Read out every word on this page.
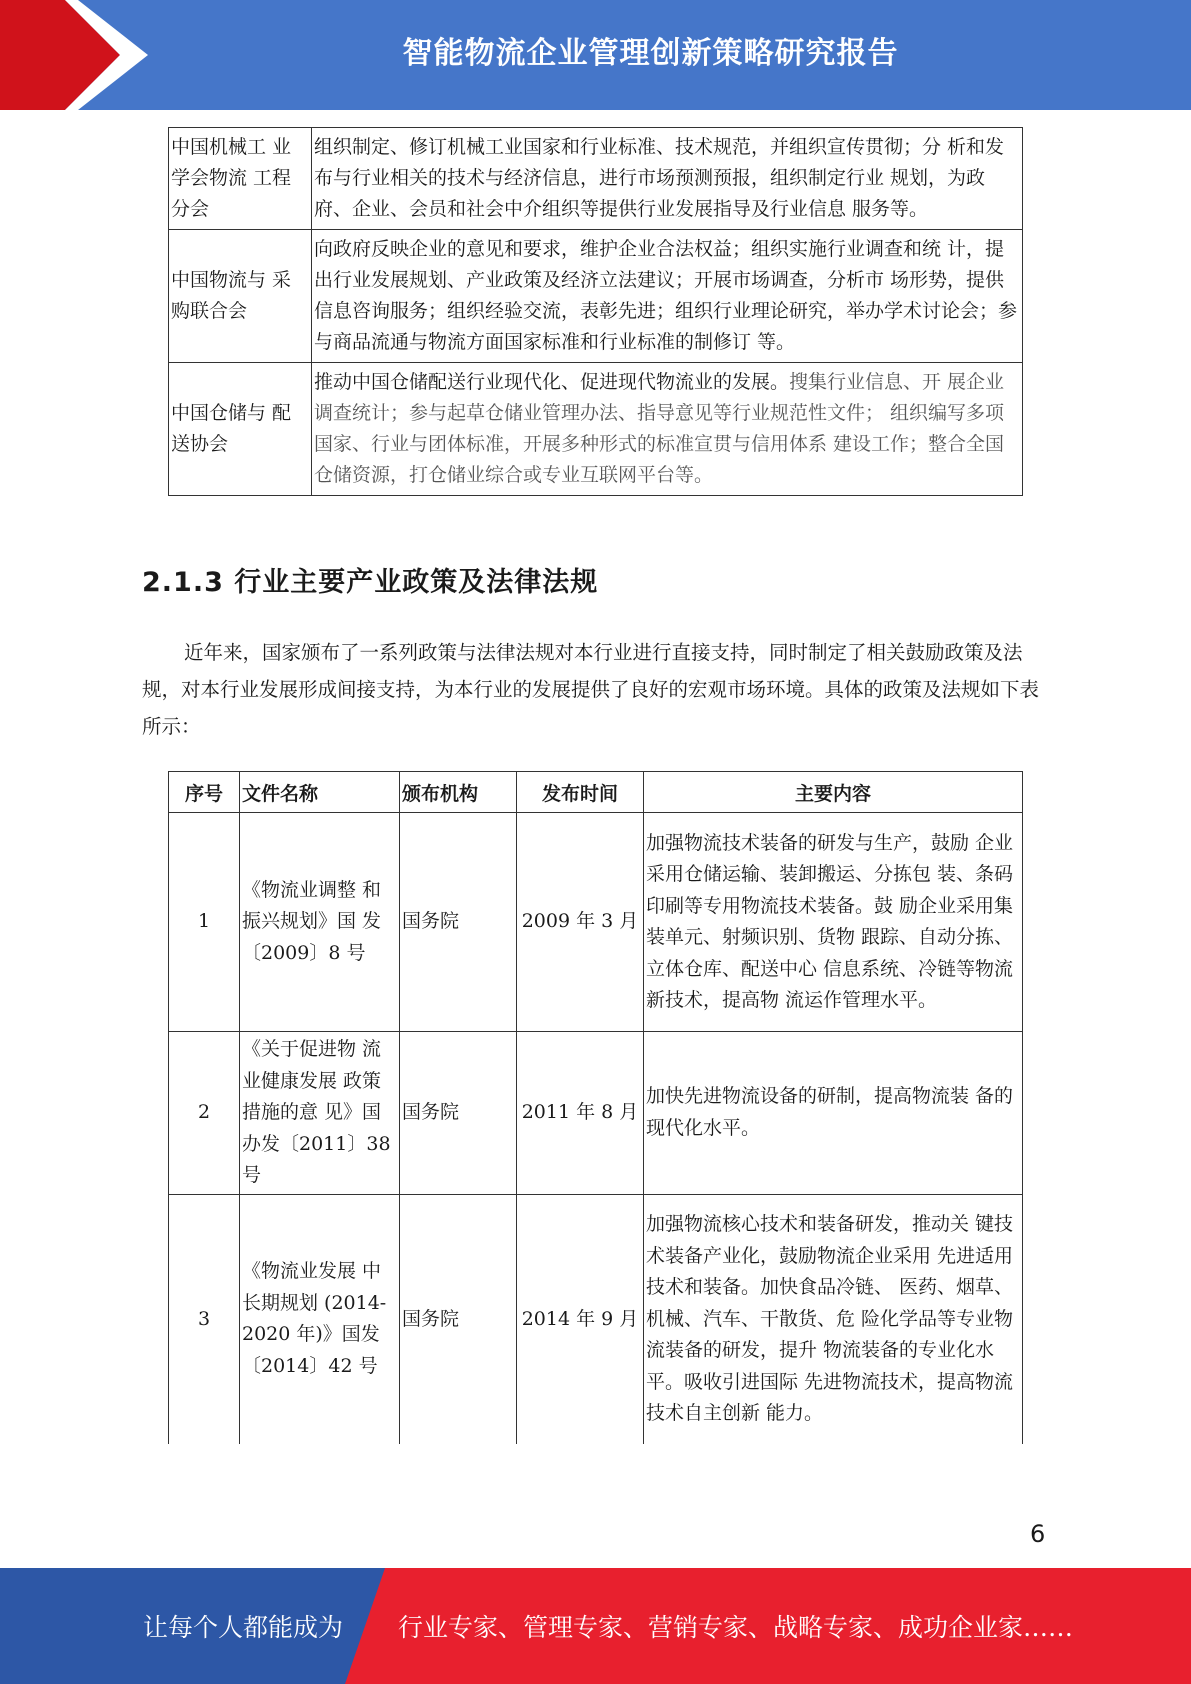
智能物流企业管理创新策略研究报告
中国机械工 业学会物流 工程分会	组织制定、修订机械工业国家和行业标准、技术规范，并组织宣传贯彻；分 析和发布与行业相关的技术与经济信息，进行市场预测预报，组织制定行业 规划，为政府、企业、会员和社会中介组织等提供行业发展指导及行业信息 服务等。
中国物流与 采购联合会	向政府反映企业的意见和要求，维护企业合法权益；组织实施行业调查和统 计，提出行业发展规划、产业政策及经济立法建议；开展市场调查，分析市 场形势，提供信息咨询服务；组织经验交流，表彰先进；组织行业理论研究，举办学术讨论会；参与商品流通与物流方面国家标准和行业标准的制修订 等。
中国仓储与 配送协会	推动中国仓储配送行业现代化、促进现代物流业的发展。搜集行业信息、开 展企业调查统计；参与起草仓储业管理办法、指导意见等行业规范性文件； 组织编写多项国家、行业与团体标准，开展多种形式的标准宣贯与信用体系 建设工作；整合全国仓储资源，打仓储业综合或专业互联网平台等。
2.1.3 行业主要产业政策及法律法规
近年来，国家颁布了一系列政策与法律法规对本行业进行直接支持，同时制定了相关鼓励政策及法规，对本行业发展形成间接支持，为本行业的发展提供了良好的宏观市场环境。具体的政策及法规如下表所示：
序号	文件名称	颁布机构	发布时间	主要内容
1	《物流业调整 和振兴规划》国 发〔2009〕8 号	国务院	2009 年 3 月	加强物流技术装备的研发与生产，鼓励 企业采用仓储运输、装卸搬运、分拣包 装、条码印刷等专用物流技术装备。鼓 励企业采用集装单元、射频识别、货物 跟踪、自动分拣、立体仓库、配送中心 信息系统、冷链等物流新技术，提高物 流运作管理水平。
2	《关于促进物 流业健康发展 政策措施的意 见》国办发〔2011〕38 号	国务院	2011 年 8 月	加快先进物流设备的研制，提高物流装 备的现代化水平。
3	《物流业发展 中长期规划 (2014-2020 年)》国发〔2014〕42 号	国务院	2014 年 9 月	加强物流核心技术和装备研发，推动关 键技术装备产业化，鼓励物流企业采用 先进适用技术和装备。加快食品冷链、 医药、烟草、机械、汽车、干散货、危 险化学品等专业物流装备的研发，提升 物流装备的专业化水平。吸收引进国际 先进物流技术，提高物流技术自主创新 能力。
6
让每个人都能成为 行业专家、管理专家、营销专家、战略专家、成功企业家……
